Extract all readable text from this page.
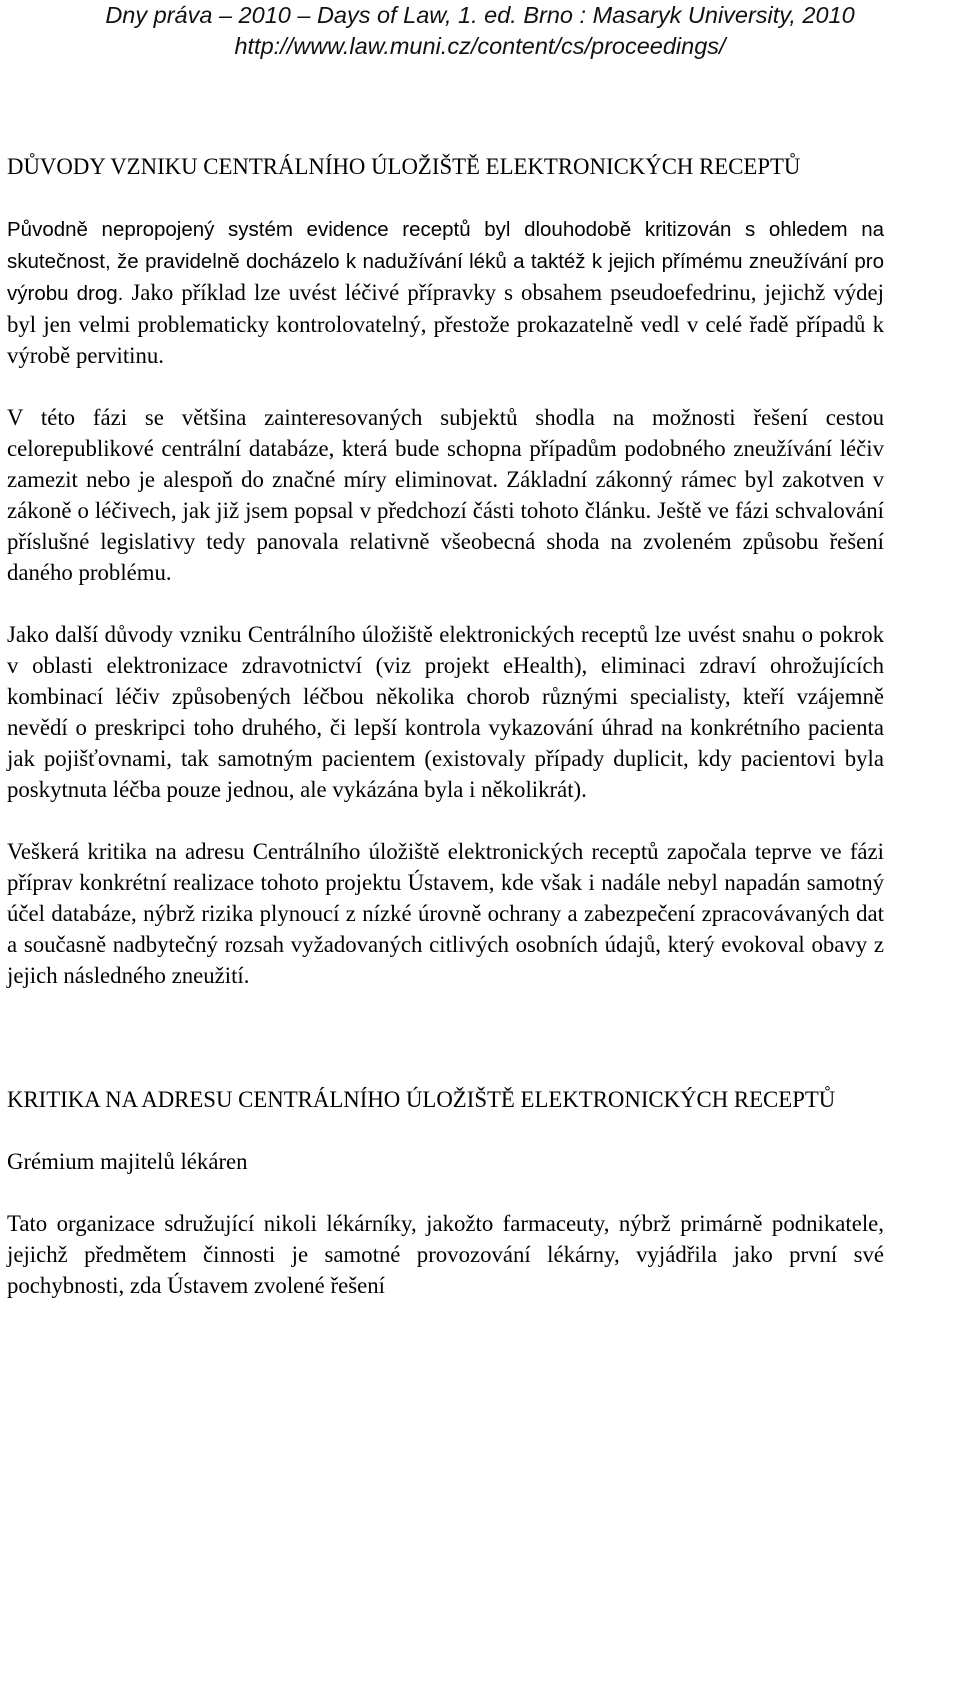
Dny práva – 2010 – Days of Law, 1. ed. Brno : Masaryk University, 2010
http://www.law.muni.cz/content/cs/proceedings/

DŮVODY VZNIKU CENTRÁLNÍHO ÚLOŽIŠTĚ ELEKTRONICKÝCH RECEPTŮ

Původně nepropojený systém evidence receptů byl dlouhodobě kritizován s ohledem na skutečnost, že pravidelně docházelo k nadužívání léků a taktéž k jejich přímému zneužívání pro výrobu drog. Jako příklad lze uvést léčivé přípravky s obsahem pseudoefedrinu, jejichž výdej byl jen velmi problematicky kontrolovatelný, přestože prokazatelně vedl v celé řadě případů k výrobě pervitinu.

V této fázi se většina zainteresovaných subjektů shodla na možnosti řešení cestou celorepublikové centrální databáze, která bude schopna případům podobného zneužívání léčiv zamezit nebo je alespoň do značné míry eliminovat. Základní zákonný rámec byl zakotven v zákoně o léčivech, jak již jsem popsal v předchozí části tohoto článku. Ještě ve fázi schvalování příslušné legislativy tedy panovala relativně všeobecná shoda na zvoleném způsobu řešení daného problému.

Jako další důvody vzniku Centrálního úložiště elektronických receptů lze uvést snahu o pokrok v oblasti elektronizace zdravotnictví (viz projekt eHealth), eliminaci zdraví ohrožujících kombinací léčiv způsobených léčbou několika chorob různými specialisty, kteří vzájemně nevědí o preskripci toho druhého, či lepší kontrola vykazování úhrad na konkrétního pacienta jak pojišťovnami, tak samotným pacientem (existovaly případy duplicit, kdy pacientovi byla poskytnuta léčba pouze jednou, ale vykázána byla i několikrát).

Veškerá kritika na adresu Centrálního úložiště elektronických receptů započala teprve ve fázi příprav konkrétní realizace tohoto projektu Ústavem, kde však i nadále nebyl napadán samotný účel databáze, nýbrž rizika plynoucí z nízké úrovně ochrany a zabezpečení zpracovávaných dat a současně nadbytečný rozsah vyžadovaných citlivých osobních údajů, který evokoval obavy z jejich následného zneužití.

KRITIKA NA ADRESU CENTRÁLNÍHO ÚLOŽIŠTĚ ELEKTRONICKÝCH RECEPTŮ

Grémium majitelů lékáren

Tato organizace sdružující nikoli lékárníky, jakožto farmaceuty, nýbrž primárně podnikatele, jejichž předmětem činnosti je samotné provozování lékárny, vyjádřila jako první své pochybnosti, zda Ústavem zvolené řešení
